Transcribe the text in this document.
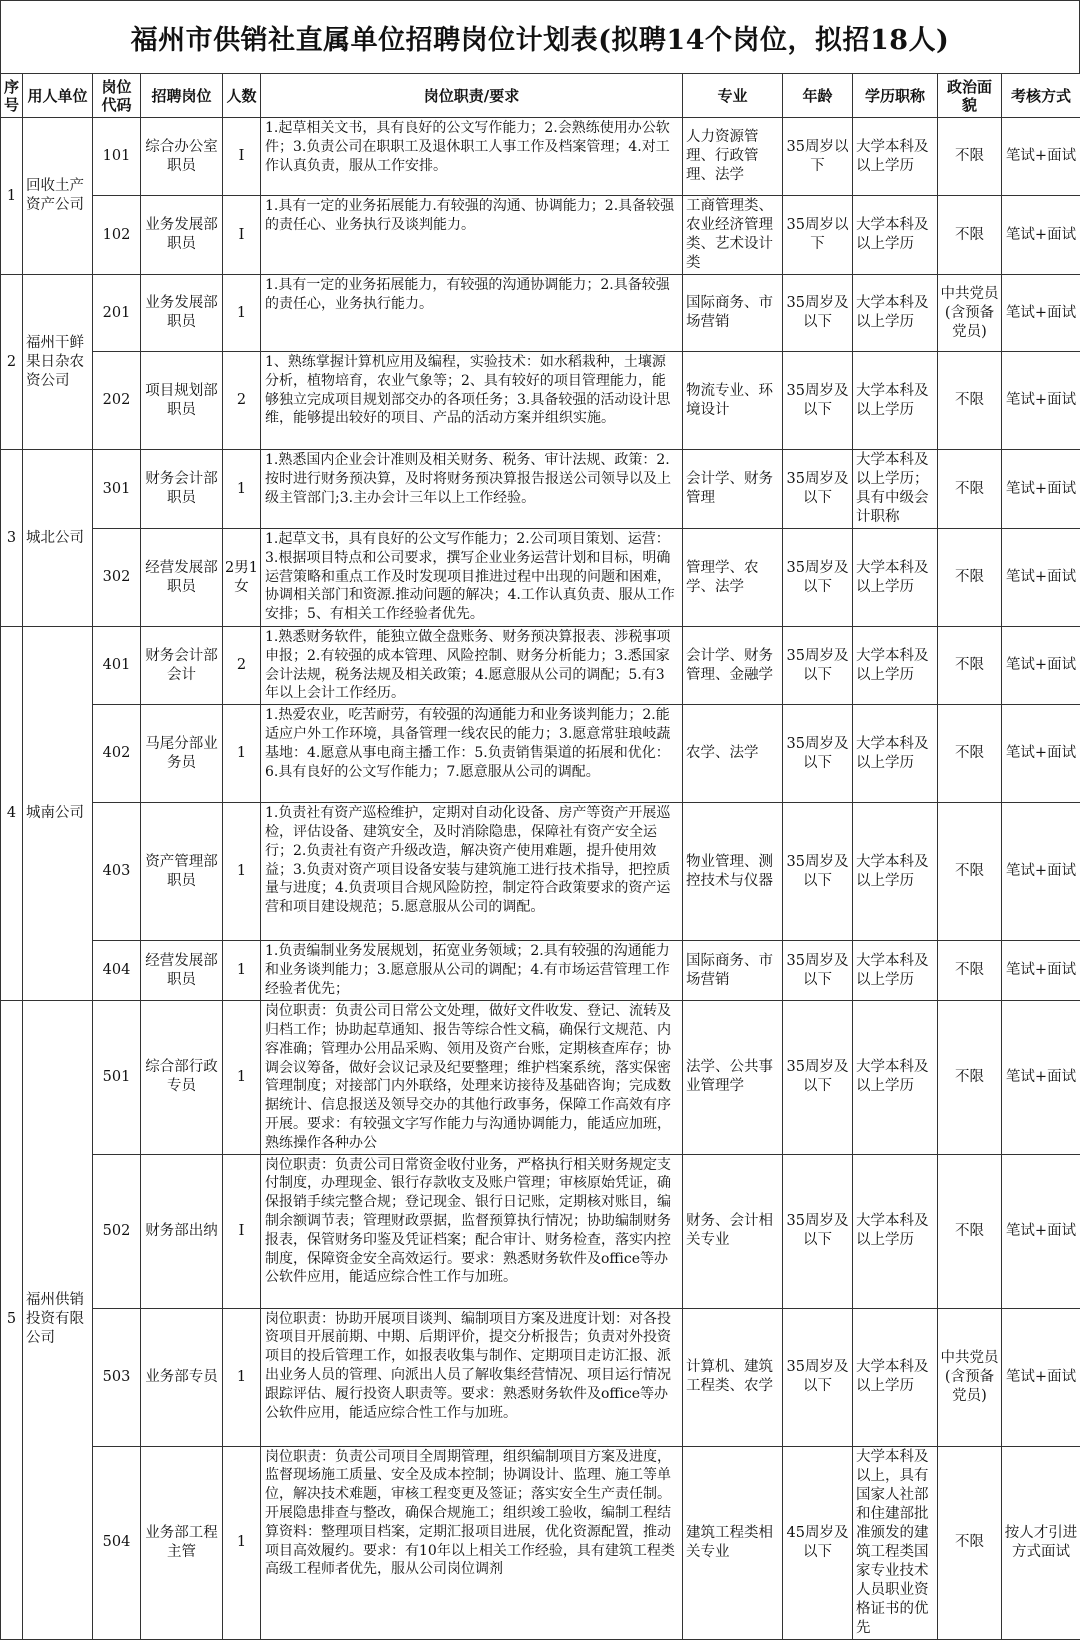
福州市供销社直属单位招聘岗位计划表(拟聘14个岗位，拟招18人)
序号	用人单位	岗位代码	招聘岗位	人数	岗位职责/要求	专业	年龄	学历职称	政治面貌	考核方式
1	回收土产资产公司	101	综合办公室职员	I	1.起草相关文书，具有良好的公文写作能力；2.会熟练使用办公软件；3.负责公司在职职工及退休职工人事工作及档案管理；4.对工作认真负责，服从工作安排。	人力资源管理、行政管理、法学	35周岁以下	大学本科及以上学历	不限	笔试+面试
		102	业务发展部职员	I	1.具有一定的业务拓展能力.有较强的沟通、协调能力；2.具备较强的责任心、业务执行及谈判能力。	工商管理类、农业经济管理类、艺术设计类	35周岁以下	大学本科及以上学历	不限	笔试+面试
2	福州干鲜果日杂农资公司	201	业务发展部职员	1	1.具有一定的业务拓展能力，有较强的沟通协调能力；2.具备较强的责任心，业务执行能力。	国际商务、市场营销	35周岁及以下	大学本科及以上学历	中共党员(含预备党员)	笔试+面试
		202	项目规划部职员	2	1、熟练掌握计算机应用及编程，实验技术：如水稻栽种，土壤源分析，植物培育，农业气象等；2、具有较好的项目管理能力，能够独立完成项目规划部交办的各项任务；3.具备较强的活动设计思维，能够提出较好的项目、产品的活动方案并组织实施。	物流专业、环境设计	35周岁及以下	大学本科及以上学历	不限	笔试+面试
3	城北公司	301	财务会计部职员	1	1.熟悉国内企业会计准则及相关财务、税务、审计法规、政策：2.按时进行财务预决算，及时将财务预决算报告报送公司领导以及上级主管部门;3.主办会计三年以上工作经验。	会计学、财务管理	35周岁及以下	大学本科及以上学历；具有中级会计职称	不限	笔试+面试
		302	经营发展部职员	2男1女	1.起草文书，具有良好的公文写作能力；2.公司项目策划、运营：3.根据项目特点和公司要求，撰写企业业务运营计划和目标，明确运营策略和重点工作及时发现项目推进过程中出现的问题和困难，协调相关部门和资源.推动问题的解决；4.工作认真负责、服从工作安排；5、有相关工作经验者优先。	管理学、农学、法学	35周岁及以下	大学本科及以上学历	不限	笔试+面试
4	城南公司	401	财务会计部会计	2	1.熟悉财务软件，能独立做全盘账务、财务预决算报表、涉税事项申报；2.有较强的成本管理、风险控制、财务分析能力；3.悉国家会计法规，税务法规及相关政策；4.愿意服从公司的调配；5.有3年以上会计工作经历。	会计学、财务管理、金融学	35周岁及以下	大学本科及以上学历	不限	笔试+面试
		402	马尾分部业务员	1	1.热爱农业，吃苦耐劳，有较强的沟通能力和业务谈判能力；2.能适应户外工作环境，具备管理一线农民的能力；3.愿意常驻琅岐蔬基地：4.愿意从事电商主播工作：5.负责销售渠道的拓展和优化：6.具有良好的公文写作能力；7.愿意服从公司的调配。	农学、法学	35周岁及以下	大学本科及以上学历	不限	笔试+面试
		403	资产管理部职员	1	1.负责社有资产巡检维护，定期对自动化设备、房产等资产开展巡检，评估设备、建筑安全，及时消除隐患，保障社有资产安全运行；2.负责社有资产升级改造，解决资产使用难题，提升使用效益；3.负责对资产项目设备安装与建筑施工进行技术指导，把控质量与进度；4.负责项目合规风险防控，制定符合政策要求的资产运营和项目建设规范；5.愿意服从公司的调配。	物业管理、测控技术与仪器	35周岁及以下	大学本科及以上学历	不限	笔试+面试
		404	经营发展部职员	1	1.负责编制业务发展规划，拓宽业务领域；2.具有较强的沟通能力和业务谈判能力；3.愿意服从公司的调配；4.有市场运营管理工作经验者优先；	国际商务、市场营销	35周岁及以下	大学本科及以上学历	不限	笔试+面试
5	福州供销投资有限公司	501	综合部行政专员	1	岗位职责：负责公司日常公文处理，做好文件收发、登记、流转及归档工作；协助起草通知、报告等综合性文稿，确保行文规范、内容准确；管理办公用品采购、领用及资产台账，定期核查库存；协调会议筹备，做好会议记录及纪要整理；维护档案系统，落实保密管理制度；对接部门内外联络，处理来访接待及基础咨询；完成数据统计、信息报送及领导交办的其他行政事务，保障工作高效有序开展。要求：有较强文字写作能力与沟通协调能力，能适应加班，熟练操作各种办公	法学、公共事业管理学	35周岁及以下	大学本科及以上学历	不限	笔试+面试
		502	财务部出纳	I	岗位职责：负责公司日常资金收付业务，严格执行相关财务规定支付制度，办理现金、银行存款收支及账户管理；审核原始凭证，确保报销手续完整合规；登记现金、银行日记账，定期核对账目，编制余额调节表；管理财政票据，监督预算执行情况；协助编制财务报表，保管财务印鉴及凭证档案；配合审计、财务检查，落实内控制度，保障资金安全高效运行。要求：熟悉财务软件及office等办公软件应用，能适应综合性工作与加班。	财务、会计相关专业	35周岁及以下	大学本科及以上学历	不限	笔试+面试
		503	业务部专员	1	岗位职责：协助开展项目谈判、编制项目方案及进度计划：对各投资项目开展前期、中期、后期评价，提交分析报告；负责对外投资项目的投后管理工作，如报表收集与制作、定期项目走访汇报、派出业务人员的管理、向派出人员了解收集经营情况、项目运行情况跟踪评估、履行投资人职责等。要求：熟悉财务软件及office等办公软件应用，能适应综合性工作与加班。	计算机、建筑工程类、农学	35周岁及以下	大学本科及以上学历	中共党员(含预备党员)	笔试+面试
		504	业务部工程主管	1	岗位职责：负责公司项目全周期管理，组织编制项目方案及进度，监督现场施工质量、安全及成本控制；协调设计、监理、施工等单位，解决技术难题，审核工程变更及签证；落实安全生产责任制。开展隐患排查与整改，确保合规施工；组织竣工验收，编制工程结算资料：整理项目档案，定期汇报项目进展，优化资源配置，推动项目高效履约。要求：有10年以上相关工作经验，具有建筑工程类高级工程师者优先，服从公司岗位调剂	建筑工程类相关专业	45周岁及以下	大学本科及以上，具有国家人社部和住建部批准颁发的建筑工程类国家专业技术人员职业资格证书的优先	不限	按人才引进方式面试
